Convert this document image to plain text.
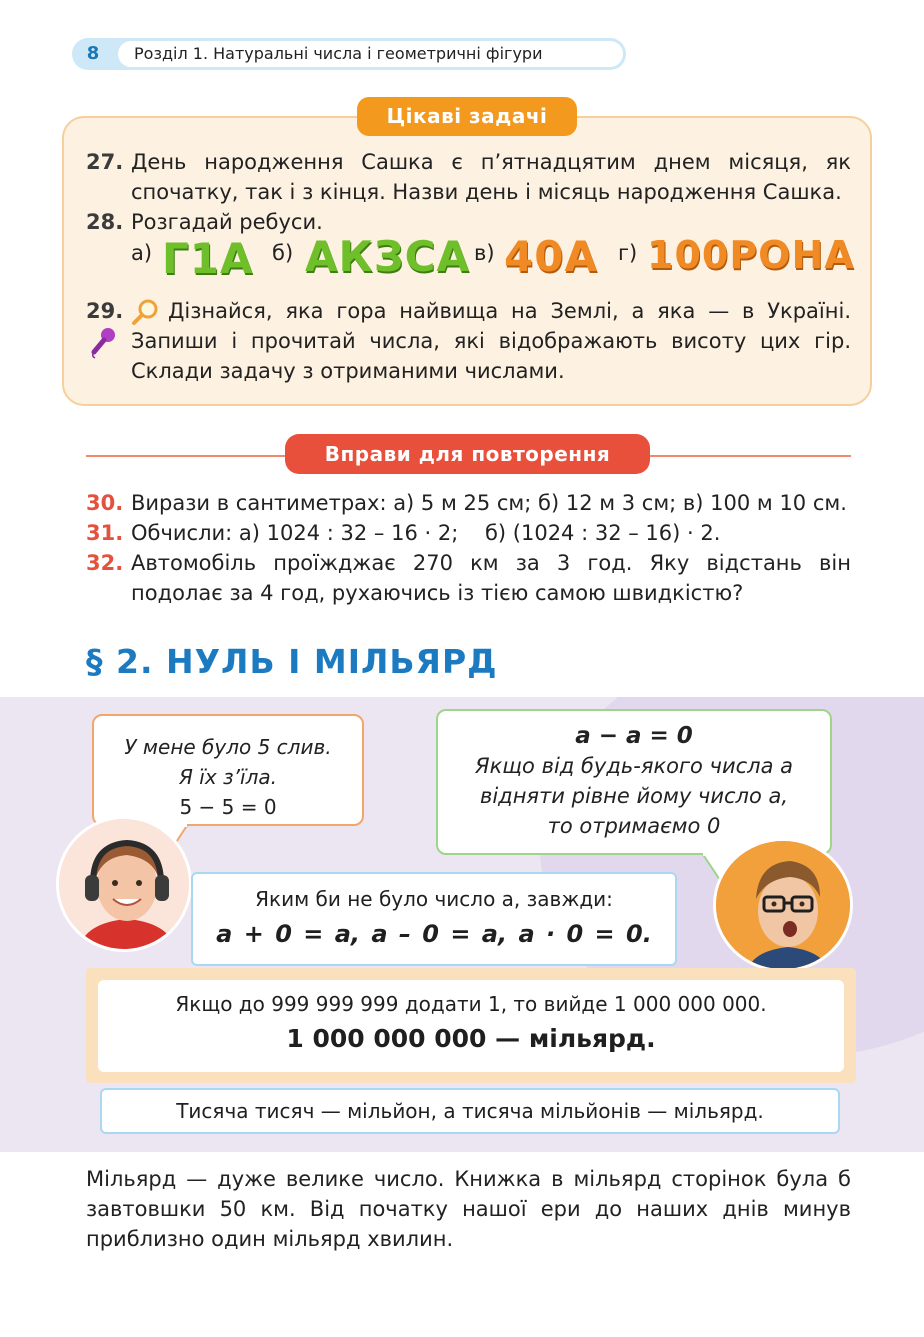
8	Розділ 1. Натуральні числа і геометричні фігури
Цікаві задачі
27. День народження Сашка є п’ятнадцятим днем місяця, як спочатку, так і з кінця. Назви день і місяць народження Сашка.
28. Розгадай ребуси.
а) Г1А б) АКЗСА в) 40А г) 100РОНА
29.	Дізнайся, яка гора найвища на Землі, а яка — в Україні. Запиши і прочитай числа, які відображають висоту цих гір. Склади задачу з отриманими числами.
Вправи для повторення
30. Вирази в сантиметрах: а) 5 м 25 см; б) 12 м 3 см; в) 100 м 10 см.
31. Обчисли: а) 1024 : 32 – 16 · 2;    б) (1024 : 32 – 16) · 2.
32. Автомобіль проїжджає 270 км за 3 год. Яку відстань він подолає за 4 год, рухаючись із тією самою швидкістю?
§ 2. НУЛЬ І МІЛЬЯРД
У мене було 5 слив.
Я їх з’їла.
5 − 5 = 0
a − a = 0
Якщо від будь-якого числа a
відняти рівне йому число a,
то отримаємо 0
Яким би не було число a, завжди:
a + 0 = a, a – 0 = a, a · 0 = 0.
Якщо до 999 999 999 додати 1, то вийде 1 000 000 000.
1 000 000 000 — мільярд.
Тисяча тисяч — мільйон, а тисяча мільйонів — мільярд.
Мільярд — дуже велике число. Книжка в мільярд сторінок була б завтовшки 50 км. Від початку нашої ери до наших днів минув приблизно один мільярд хвилин.
